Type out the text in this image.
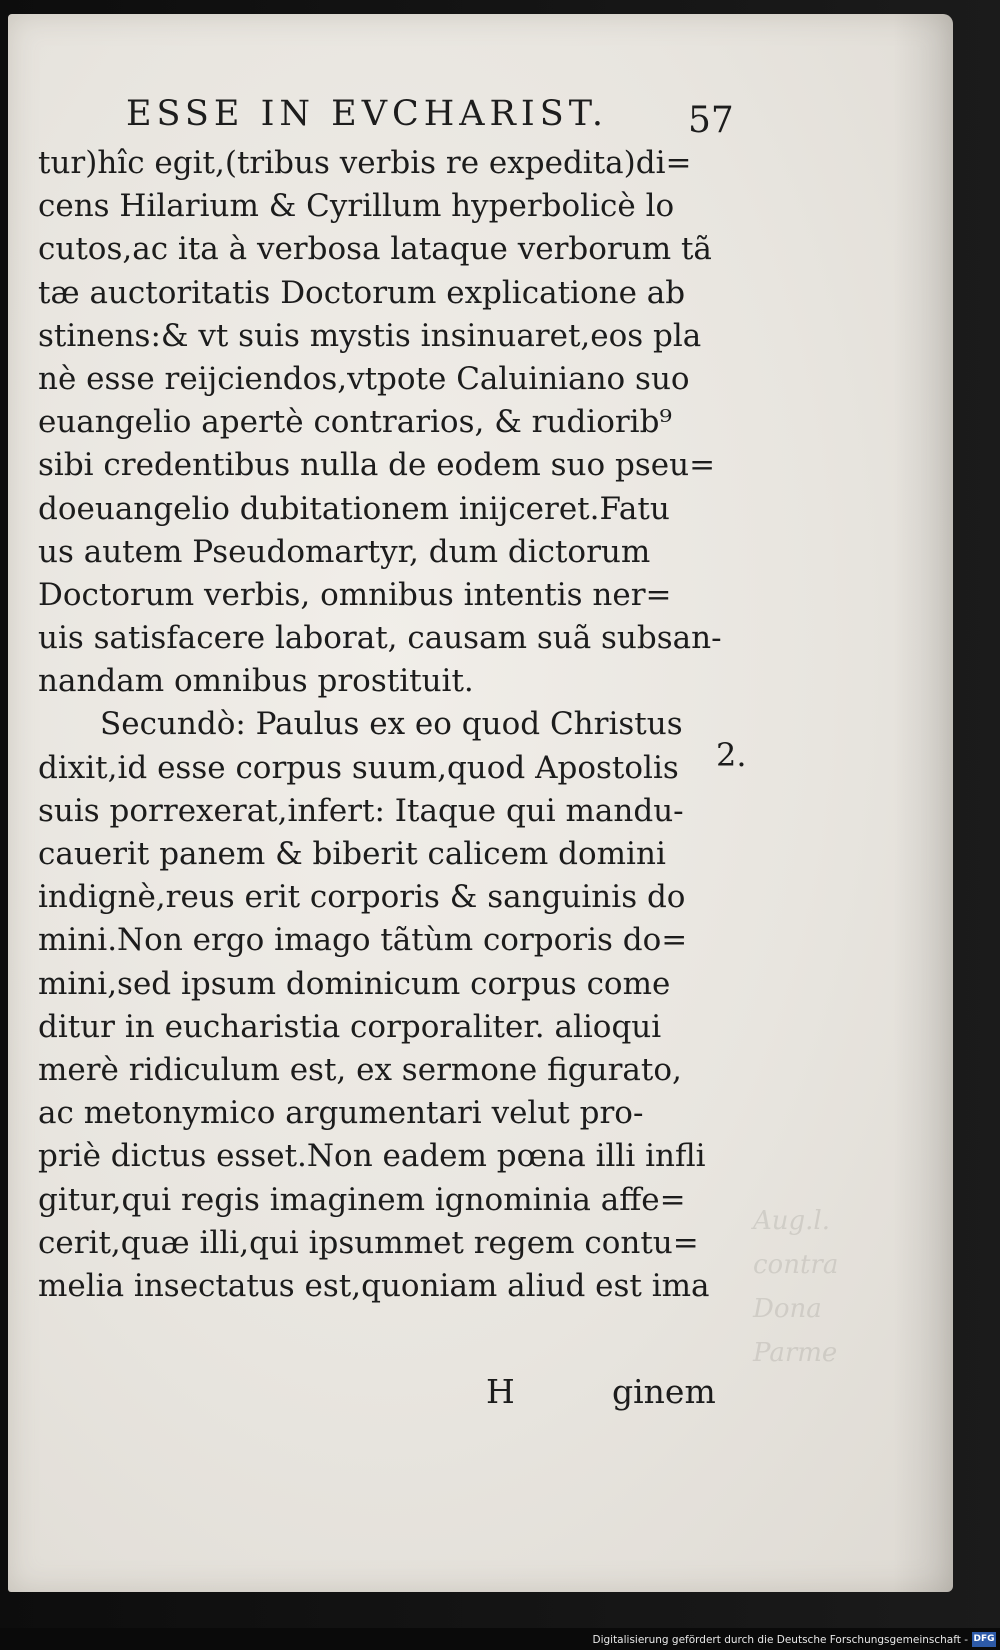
ESSE IN EVCHARIST. 57
tur)hîc egit,(tribus verbis re expedita)di=
cens Hilarium & Cyrillum hyperbolicè lo
cutos,ac ita à verbosa lataque verborum tã
tæ auctoritatis Doctorum explicatione ab
stinens:& vt suis mystis insinuaret,eos pla
nè esse reijciendos,vtpote Caluiniano suo
euangelio apertè contrarios, & rudiorib⁹
sibi credentibus nulla de eodem suo pseu=
doeuangelio dubitationem inijceret.Fatu
us autem Pseudomartyr, dum dictorum
Doctorum verbis, omnibus intentis ner=
uis satisfacere laborat, causam suã subsan-
nandam omnibus prostituit.
Secundò: Paulus ex eo quod Christus
dixit,id esse corpus suum,quod Apostolis
suis porrexerat,infert: Itaque qui mandu-
cauerit panem & biberit calicem domini
indignè,reus erit corporis & sanguinis do
mini.Non ergo imago tãtùm corporis do=
mini,sed ipsum dominicum corpus come
ditur in eucharistia corporaliter. alioqui
merè ridiculum est, ex sermone figurato,
ac metonymico argumentari velut pro-
priè dictus esset.Non eadem pœna illi infli
gitur,qui regis imaginem ignominia affe=
cerit,quæ illi,qui ipsummet regem contu=
melia insectatus est,quoniam aliud est ima
2.
Aug.l.
contra
Dona
Parme
H	ginem
Digitalisierung gefördert durch die Deutsche Forschungsgemeinschaft - DFG
